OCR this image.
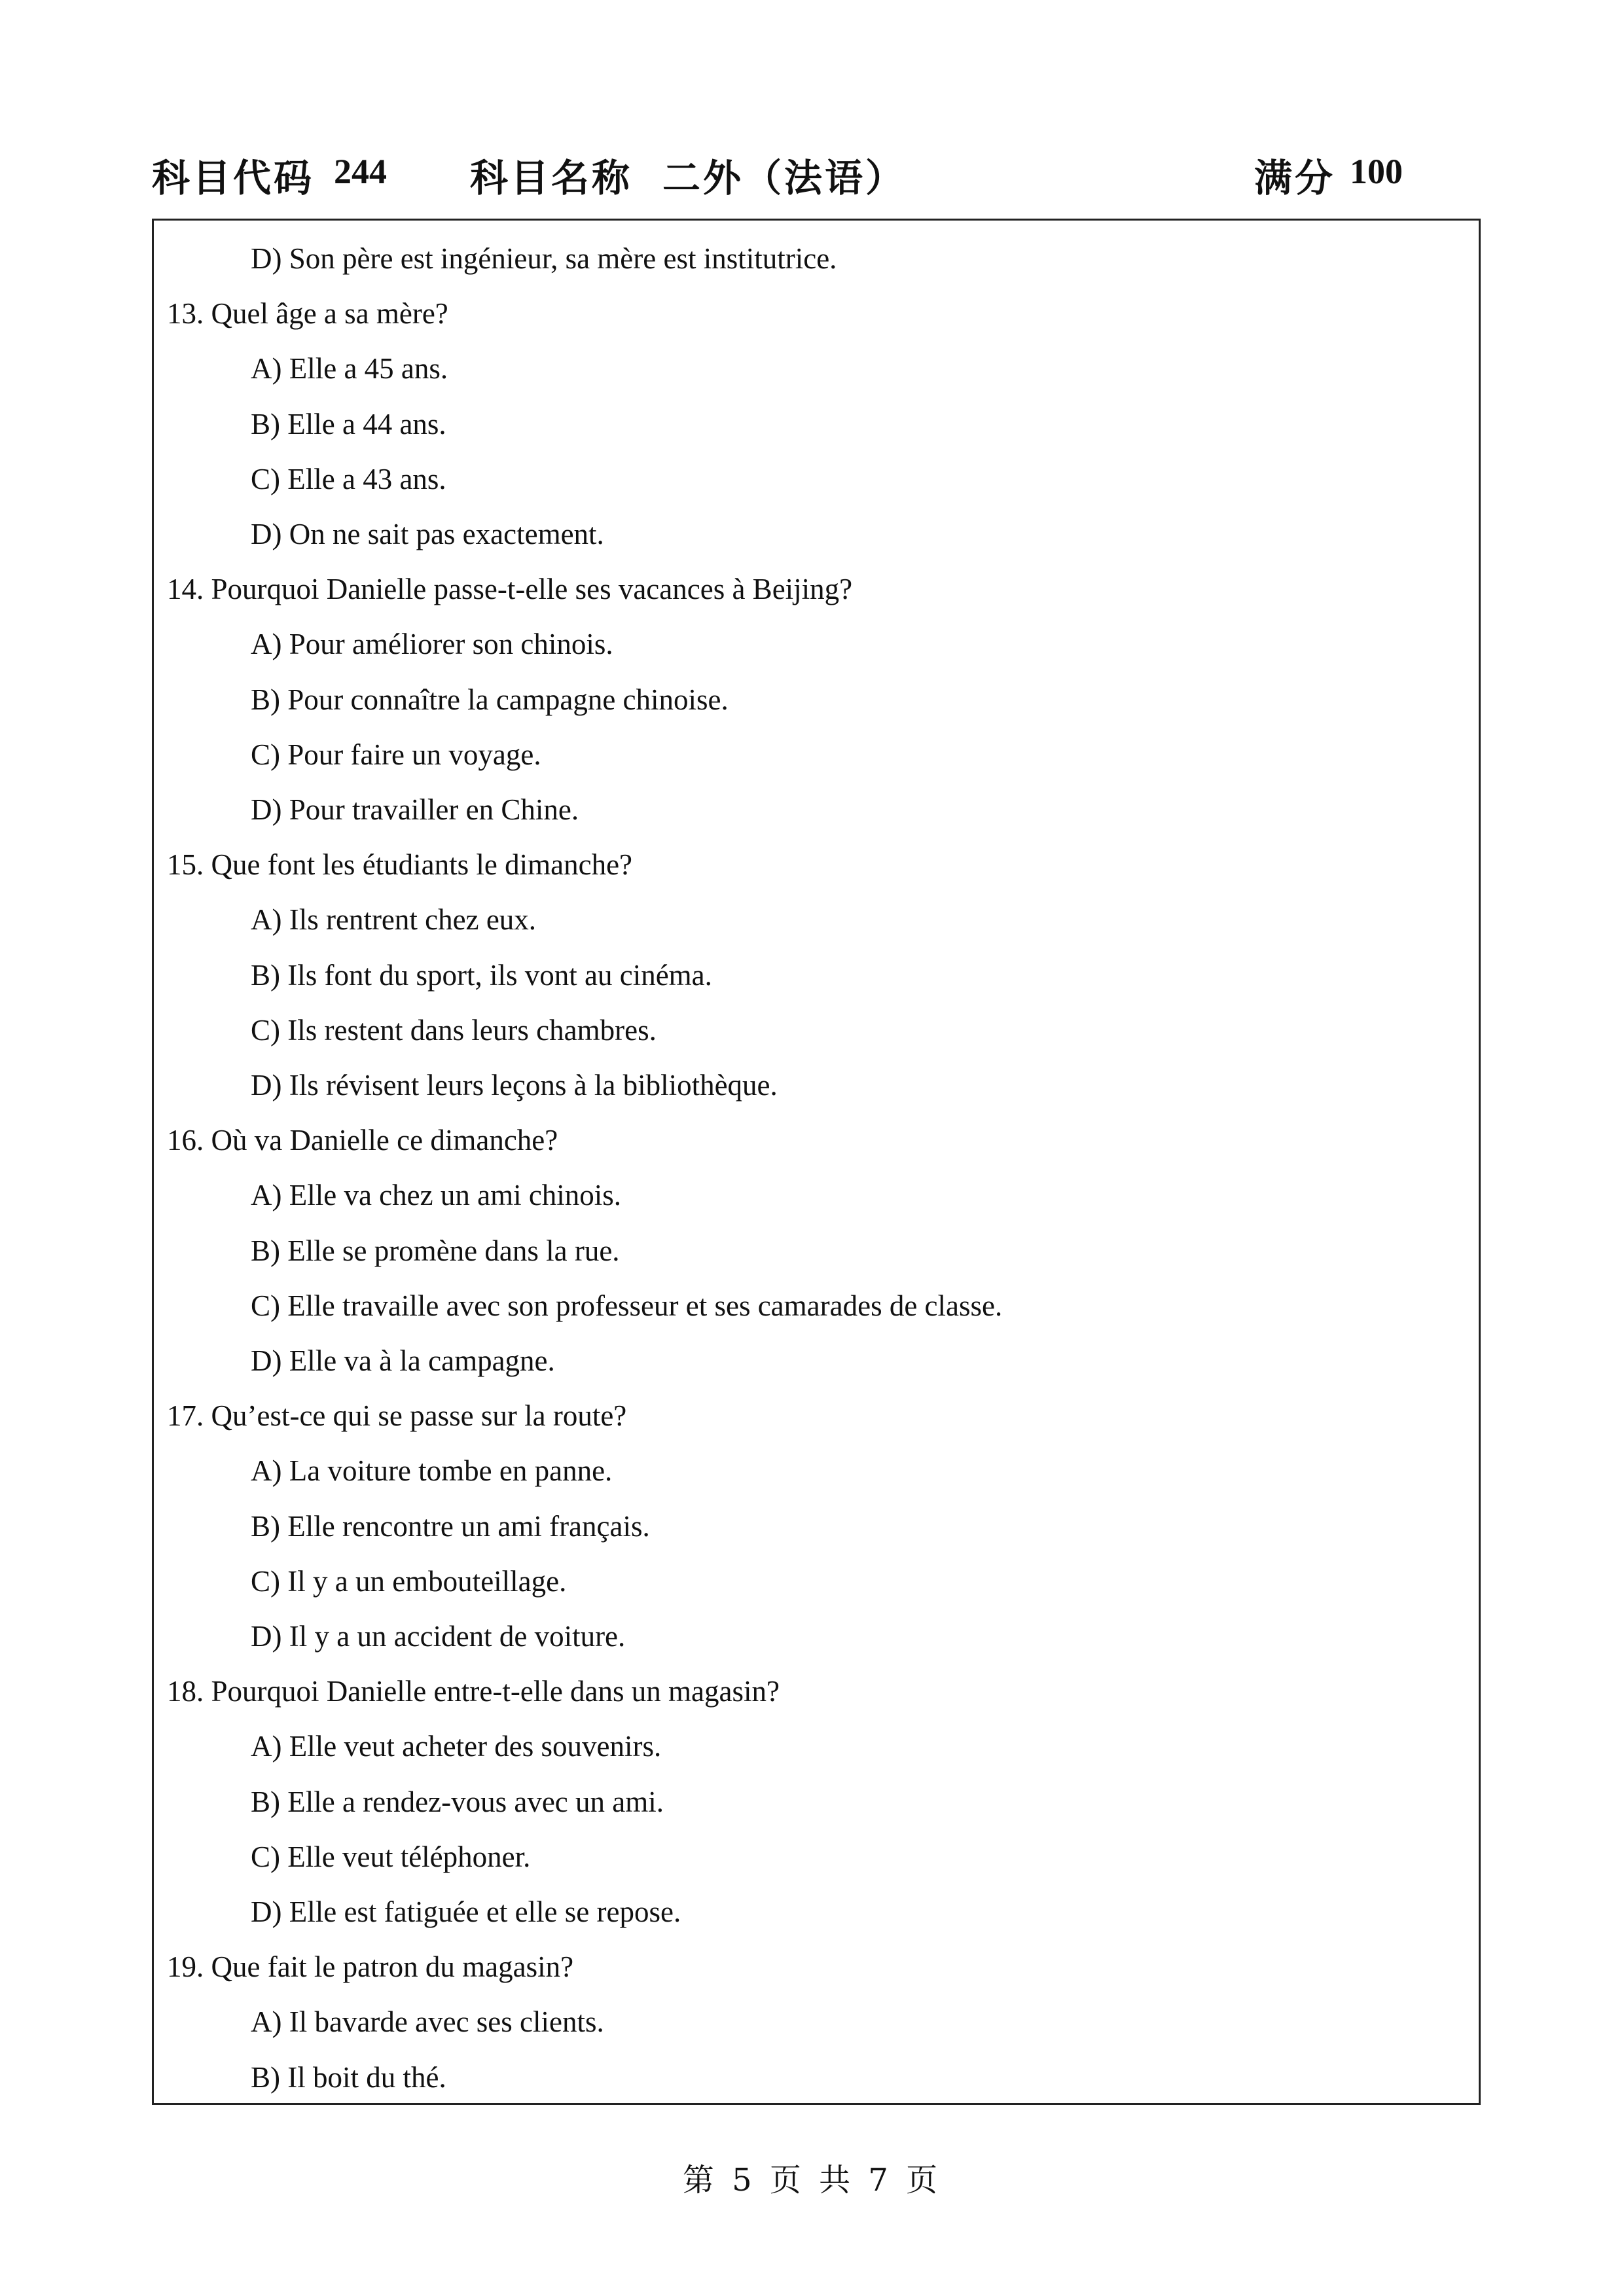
科目代码 244 科目名称 二外（法语）	满分 100
D) Son père est ingénieur, sa mère est institutrice.
13. Quel âge a sa mère?
A) Elle a 45 ans.
B) Elle a 44 ans.
C) Elle a 43 ans.
D) On ne sait pas exactement.
14. Pourquoi Danielle passe-t-elle ses vacances à Beijing?
A) Pour améliorer son chinois.
B) Pour connaître la campagne chinoise.
C) Pour faire un voyage.
D) Pour travailler en Chine.
15. Que font les étudiants le dimanche?
A) Ils rentrent chez eux.
B) Ils font du sport, ils vont au cinéma.
C) Ils restent dans leurs chambres.
D) Ils révisent leurs leçons à la bibliothèque.
16. Où va Danielle ce dimanche?
A) Elle va chez un ami chinois.
B) Elle se promène dans la rue.
C) Elle travaille avec son professeur et ses camarades de classe.
D) Elle va à la campagne.
17. Qu’est-ce qui se passe sur la route?
A) La voiture tombe en panne.
B) Elle rencontre un ami français.
C) Il y a un embouteillage.
D) Il y a un accident de voiture.
18. Pourquoi Danielle entre-t-elle dans un magasin?
A) Elle veut acheter des souvenirs.
B) Elle a rendez-vous avec un ami.
C) Elle veut téléphoner.
D) Elle est fatiguée et elle se repose.
19. Que fait le patron du magasin?
A) Il bavarde avec ses clients.
B) Il boit du thé.
第 5 页 共 7 页
